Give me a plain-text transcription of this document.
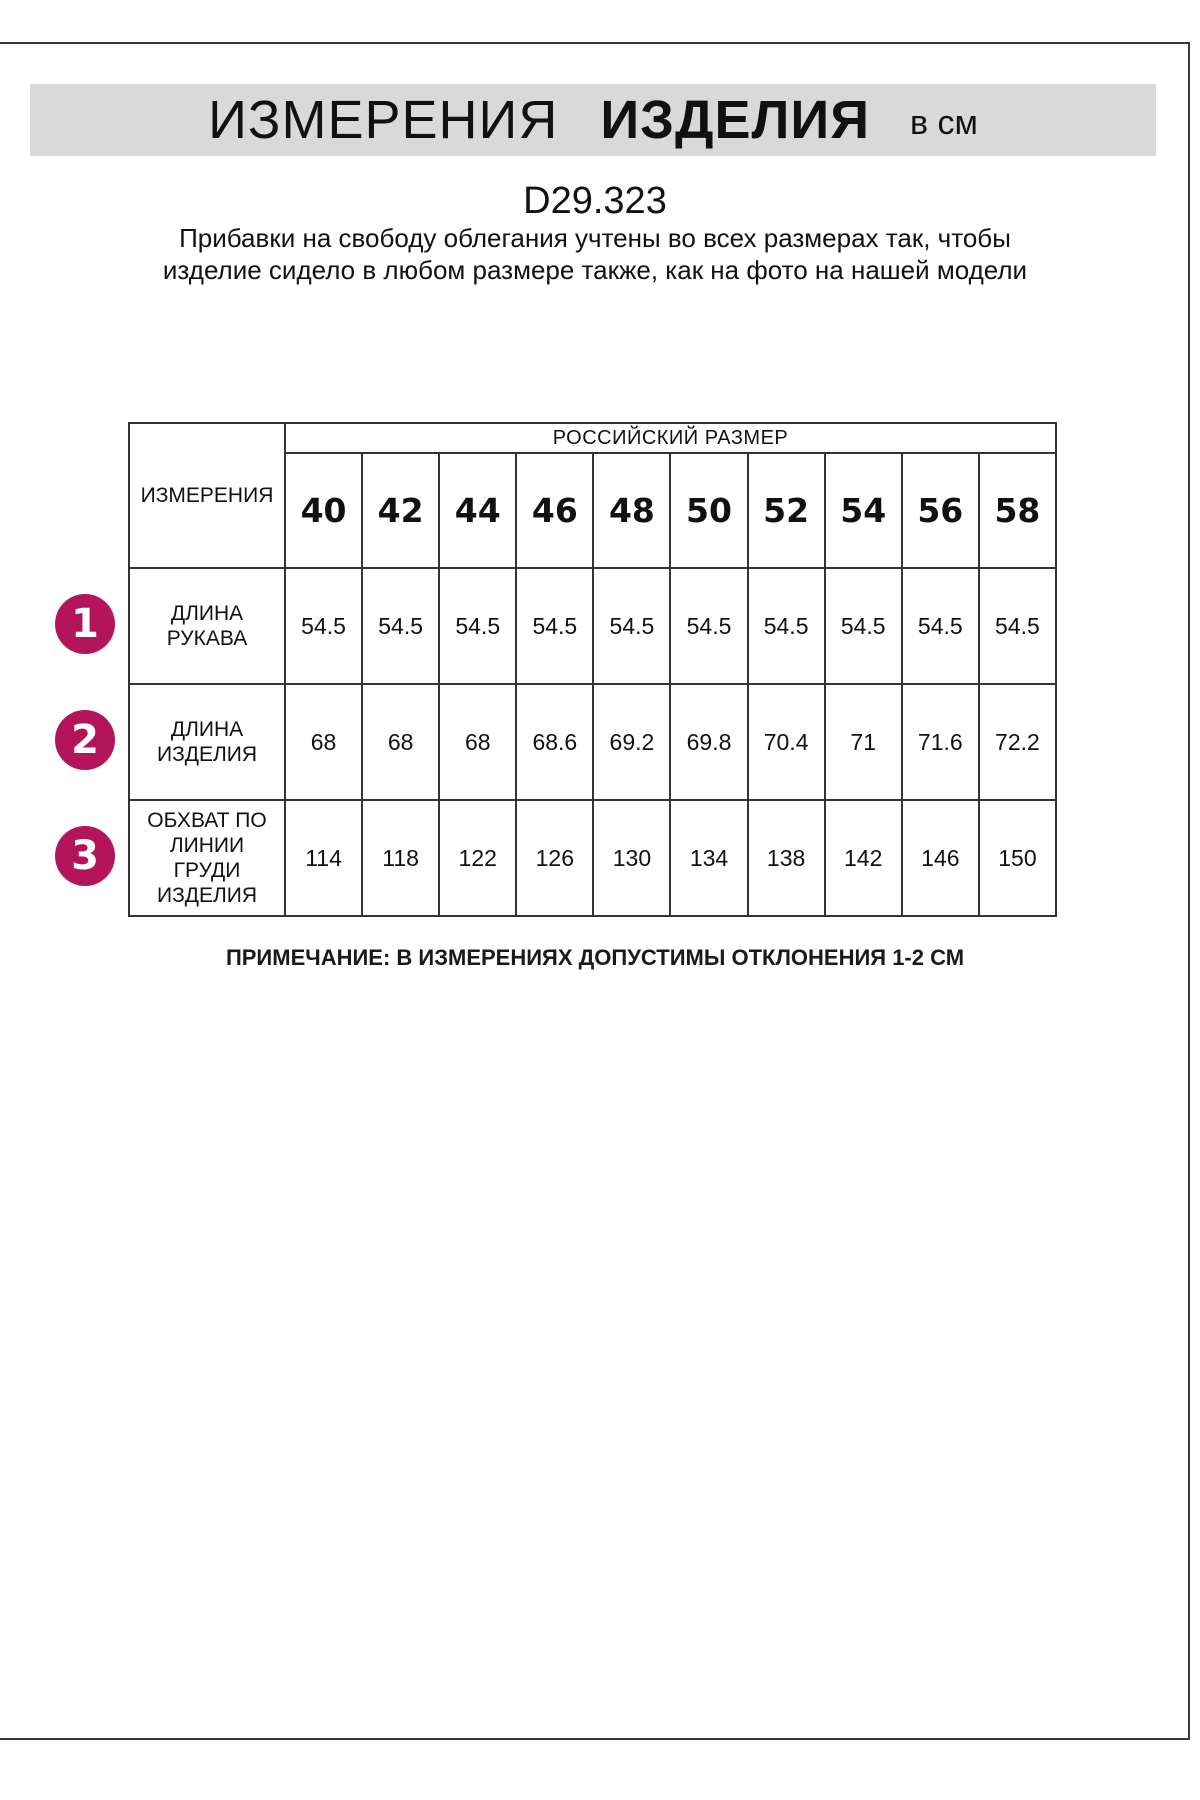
ИЗМЕРЕНИЯ ИЗДЕЛИЯ в см
D29.323
Прибавки на свободу облегания учтены во всех размерах так, чтобы изделие сидело в любом размере также, как на фото на нашей модели
ИЗМЕРЕНИЯ	РОССИЙСКИЙ РАЗМЕР									
	40	42	44	46	48	50	52	54	56	58
ДЛИНА РУКАВА	54.5	54.5	54.5	54.5	54.5	54.5	54.5	54.5	54.5	54.5
ДЛИНА ИЗДЕЛИЯ	68	68	68	68.6	69.2	69.8	70.4	71	71.6	72.2
ОБХВАТ ПО ЛИНИИ ГРУДИ ИЗДЕЛИЯ	114	118	122	126	130	134	138	142	146	150
1
2
3
ПРИМЕЧАНИЕ: В ИЗМЕРЕНИЯХ ДОПУСТИМЫ ОТКЛОНЕНИЯ 1-2 СМ
